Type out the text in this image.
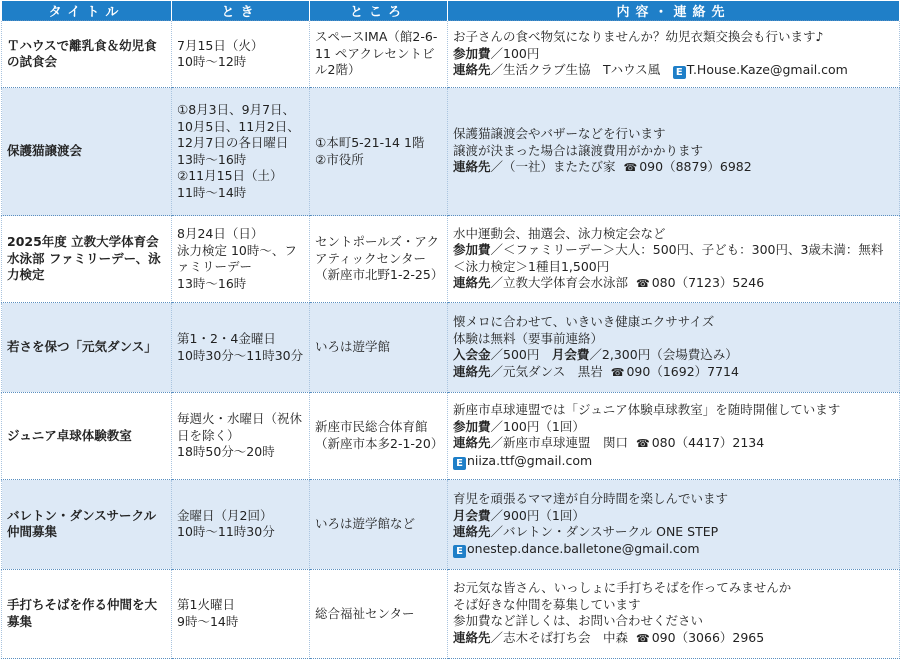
タイトル	とき	ところ	内容・連絡先
Ｔハウスで離乳食＆幼児食の試食会	7月15日（火）
10時〜12時	スペースIMA（館2-6-11 ペアクレセントビル2階）	お子さんの食べ物気になりませんか？幼児衣類交換会も行います♪
参加費／100円
連絡先／生活クラブ生協　Tハウス風　 E T.House.Kaze@gmail.com

保護猫譲渡会	①8月3日、9月7日、10月5日、11月2日、12月7日の各日曜日
13時〜16時
②11月15日（土）
11時〜14時	①本町5-21-14 1階
②市役所	保護猫譲渡会やバザーなどを行います
譲渡が決まった場合は譲渡費用がかかります
連絡先／（一社）またたび家 ☎ 090（8879）6982

2025年度 立教大学体育会水泳部 ファミリーデー、泳力検定	8月24日（日）
泳力検定 10時〜、ファミリーデー
13時〜16時	セントポールズ・アクアティックセンター（新座市北野1-2-25）	水中運動会、抽選会、泳力検定会など
参加費／＜ファミリーデー＞大人：500円、子ども：300円、3歳未満：無料
＜泳力検定＞1種目1,500円
連絡先／立教大学体育会水泳部 ☎ 080（7123）5246

若さを保つ「元気ダンス」	第1・2・4金曜日
10時30分〜11時30分	いろは遊学館	懐メロに合わせて、いきいき健康エクササイズ
体験は無料（要事前連絡）
入会金／500円　 月会費／2,300円（会場費込み）
連絡先／元気ダンス　黒岩 ☎ 090（1692）7714

ジュニア卓球体験教室	毎週火・水曜日（祝休日を除く）
18時50分〜20時	新座市民総合体育館（新座市本多2-1-20）	新座市卓球連盟では「ジュニア体験卓球教室」を随時開催しています
参加費／100円（1回）
連絡先／新座市卓球連盟　関口 ☎ 080（4417）2134
E niiza.ttf@gmail.com

バレトン・ダンスサークル仲間募集	金曜日（月2回）
10時〜11時30分	いろは遊学館など	育児を頑張るママ達が自分時間を楽しんでいます
月会費／900円（1回）
連絡先／バレトン・ダンスサークル ONE STEP
E onestep.dance.balletone@gmail.com

手打ちそばを作る仲間を大募集	第1火曜日
9時〜14時	総合福祉センター	お元気な皆さん、いっしょに手打ちそばを作ってみませんか
そば好きな仲間を募集しています
参加費など詳しくは、お問い合わせください
連絡先／志木そば打ち会　中森 ☎ 090（3066）2965
